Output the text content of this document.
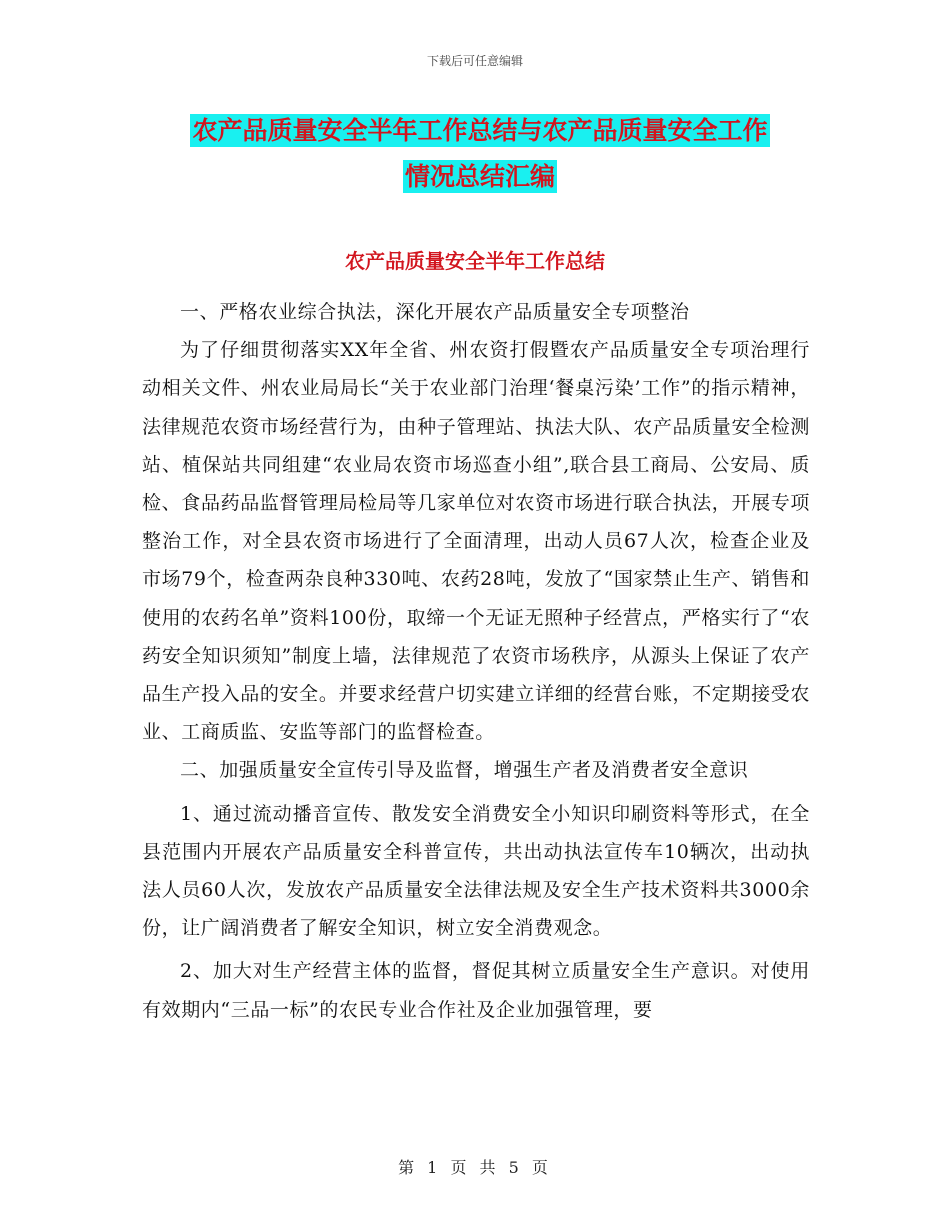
下载后可任意编辑
农产品质量安全半年工作总结与农产品质量安全工作
情况总结汇编
农产品质量安全半年工作总结

一、严格农业综合执法，深化开展农产品质量安全专项整治

为了仔细贯彻落实XX年全省、州农资打假暨农产品质量安全专项治理行动相关文件、州农业局局长“关于农业部门治理‘餐桌污染’工作”的指示精神，法律规范农资市场经营行为，由种子管理站、执法大队、农产品质量安全检测站、植保站共同组建“农业局农资市场巡查小组”,联合县工商局、公安局、质检、食品药品监督管理局检局等几家单位对农资市场进行联合执法，开展专项整治工作，对全县农资市场进行了全面清理，出动人员67人次，检查企业及市场79个，检查两杂良种330吨、农药28吨，发放了“国家禁止生产、销售和使用的农药名单”资料100份，取缔一个无证无照种子经营点，严格实行了“农药安全知识须知”制度上墙，法律规范了农资市场秩序，从源头上保证了农产品生产投入品的安全。并要求经营户切实建立详细的经营台账，不定期接受农业、工商质监、安监等部门的监督检查。

二、加强质量安全宣传引导及监督，增强生产者及消费者安全意识

1、通过流动播音宣传、散发安全消费安全小知识印刷资料等形式，在全县范围内开展农产品质量安全科普宣传，共出动执法宣传车10辆次，出动执法人员60人次，发放农产品质量安全法律法规及安全生产技术资料共3000余份，让广阔消费者了解安全知识，树立安全消费观念。

2、加大对生产经营主体的监督，督促其树立质量安全生产意识。对使用有效期内“三品一标”的农民专业合作社及企业加强管理，要

第 1 页 共 5 页
